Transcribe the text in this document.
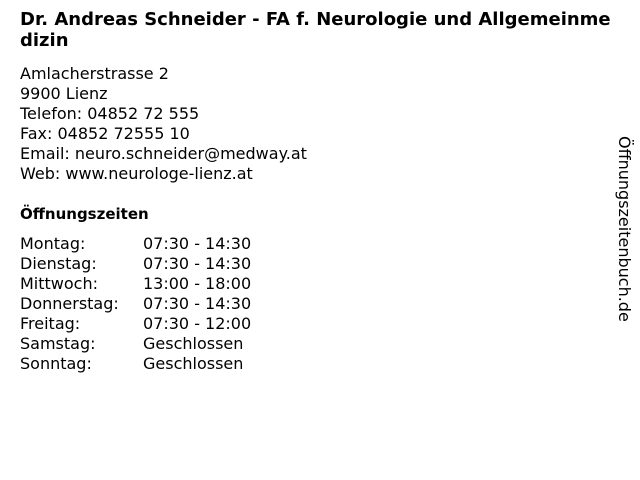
Dr. Andreas Schneider - FA f. Neurologie und Allgemeinmedizin
Amlacherstrasse 2
9900 Lienz
Telefon: 04852 72 555
Fax: 04852 72555 10
Email: neuro.schneider@medway.at
Web: www.neurologe-lienz.at
Öffnungszeiten
Montag:	07:30 - 14:30
Dienstag:	07:30 - 14:30
Mittwoch:	13:00 - 18:00
Donnerstag:	07:30 - 14:30
Freitag:	07:30 - 12:00
Samstag:	Geschlossen
Sonntag:	Geschlossen
Öffnungszeitenbuch.de
